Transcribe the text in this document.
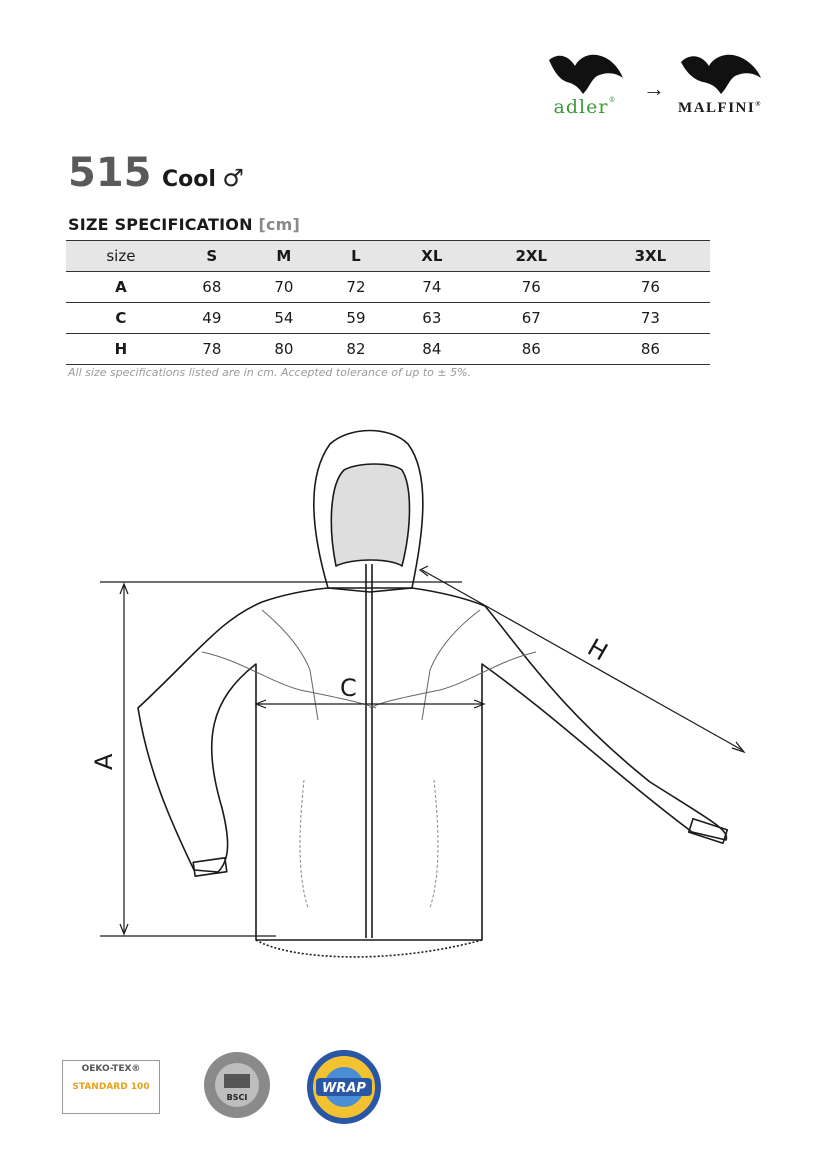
adler®	→
MALFINI®
515 Cool ♂
SIZE SPECIFICATION [cm]
size	S	M	L	XL	2XL	3XL
A	68	70	72	74	76	76
C	49	54	59	63	67	73
H	78	80	82	84	86	86
All size specifications listed are in cm. Accepted tolerance of up to ± 5%.
A
C
H
OEKO-TEX®
STANDARD 100
BSCI
WRAP
